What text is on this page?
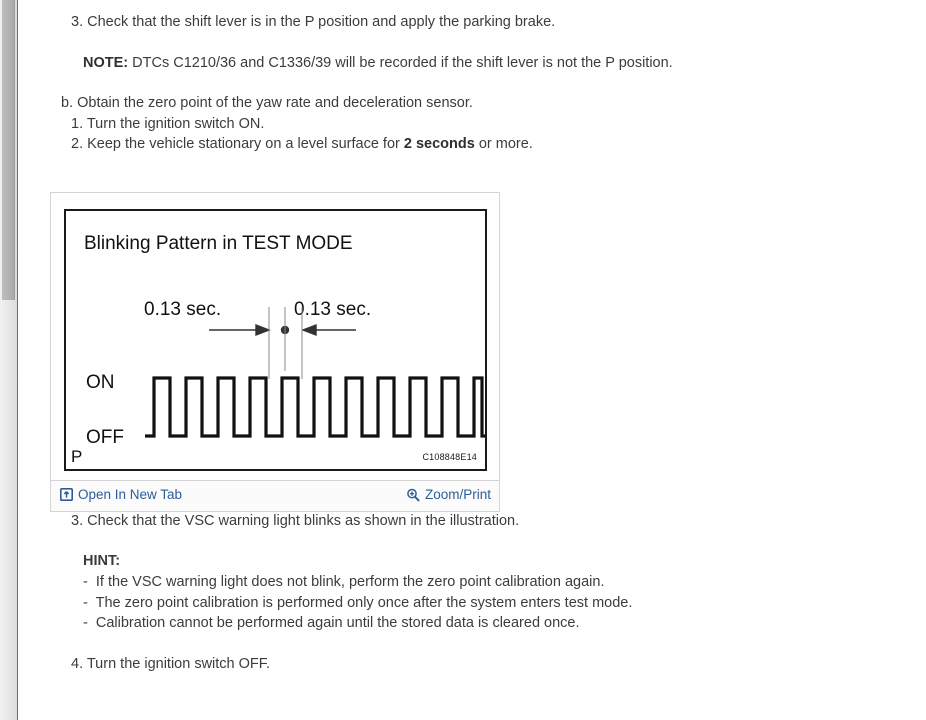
3. Check that the shift lever is in the P position and apply the parking brake.
NOTE: DTCs C1210/36 and C1336/39 will be recorded if the shift lever is not the P position.
b. Obtain the zero point of the yaw rate and deceleration sensor.
1. Turn the ignition switch ON.
2. Keep the vehicle stationary on a level surface for 2 seconds or more.
3. Check that the VSC warning light blinks as shown in the illustration.
HINT:
-  If the VSC warning light does not blink, perform the zero point calibration again.
-  The zero point calibration is performed only once after the system enters test mode.
-  Calibration cannot be performed again until the stored data is cleared once.
4. Turn the ignition switch OFF.
Blinking Pattern in TEST MODE
0.13 sec.	0.13 sec.
ON
OFF
P	C108848E14
Open In New Tab	Zoom/Print
